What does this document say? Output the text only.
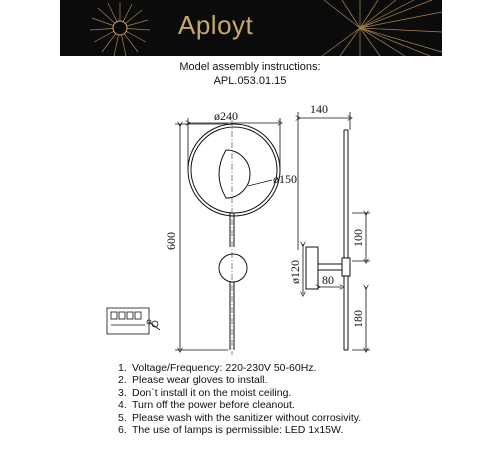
Aployt
Model assembly instructions:
APL.053.01.15
ø240	140
600
ø150
ø120 80
100
180
1. Voltage/Frequency: 220-230V 50-60Hz.
2. Please wear gloves to install.
3. Don`t install it on the moist ceiling.
4. Turn off the power before cleanout.
5. Please wash with the sanitizer without corrosivity.
6. The use of lamps is permissible: LED 1x15W.
